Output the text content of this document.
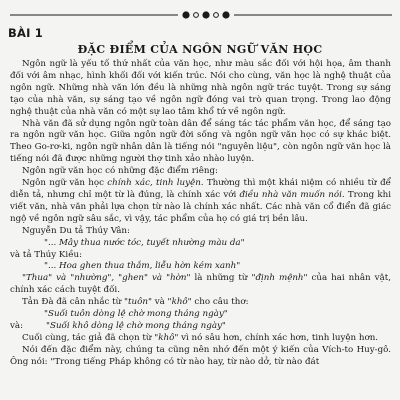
BÀI 1
ĐẶC ĐIỂM CỦA NGÔN NGỮ VĂN HỌC

Ngôn ngữ là yếu tố thứ nhất của văn học, như màu sắc đối với hội họa, âm thanh đối với âm nhạc, hình khối đối với kiến trúc. Nói cho cùng, văn học là nghệ thuật của ngôn ngữ. Những nhà văn lớn đều là những nhà ngôn ngữ trác tuyệt. Trong sự sáng tạo của nhà văn, sự sáng tạo về ngôn ngữ đóng vai trò quan trọng. Trong lao động nghệ thuật của nhà văn có một sự lao tâm khổ tứ về ngôn ngữ.

Nhà văn đã sử dụng ngôn ngữ toàn dân để sáng tác tác phẩm văn học, để sáng tạo ra ngôn ngữ văn học. Giữa ngôn ngữ đời sống và ngôn ngữ văn học có sự khác biệt. Theo Go-rơ-ki, ngôn ngữ nhân dân là tiếng nói "nguyên liệu", còn ngôn ngữ văn học là tiếng nói đã được những người thợ tinh xảo nhào luyện.

Ngôn ngữ văn học có những đặc điểm riêng:

Ngôn ngữ văn học chính xác, tinh luyện. Thường thì một khái niệm có nhiều từ để diễn tả, nhưng chỉ một từ là đúng, là chính xác với điều nhà văn muốn nói. Trong khi viết văn, nhà văn phải lựa chọn từ nào là chính xác nhất. Các nhà văn cổ điển đã giác ngộ về ngôn ngữ sâu sắc, vì vậy, tác phẩm của họ có giá trị bền lâu.

Nguyễn Du tả Thúy Vân:

"... Mây thua nước tóc, tuyết nhường màu da"

và tả Thúy Kiều:

"... Hoa ghen thua thắm, liễu hờn kém xanh"

"Thua" và "nhường", "ghen" và "hờn" là những từ "định mệnh" của hai nhân vật, chính xác cách tuyệt đối.

Tản Đà đã cân nhắc từ "tuôn" và "khô" cho câu thơ:

"Suối tuôn dòng lệ chờ mong tháng ngày"

và:	"Suối khô dòng lệ chờ mong tháng ngày"

Cuối cùng, tác giả đã chọn từ "khô" vì nó sâu hơn, chính xác hơn, tinh luyện hơn.

Nói đến đặc điểm này, chúng ta cũng nên nhớ đến một ý kiến của Vích-to Huy-gô. Ông nói: "Trong tiếng Pháp không có từ nào hay, từ nào dở, từ nào đát
